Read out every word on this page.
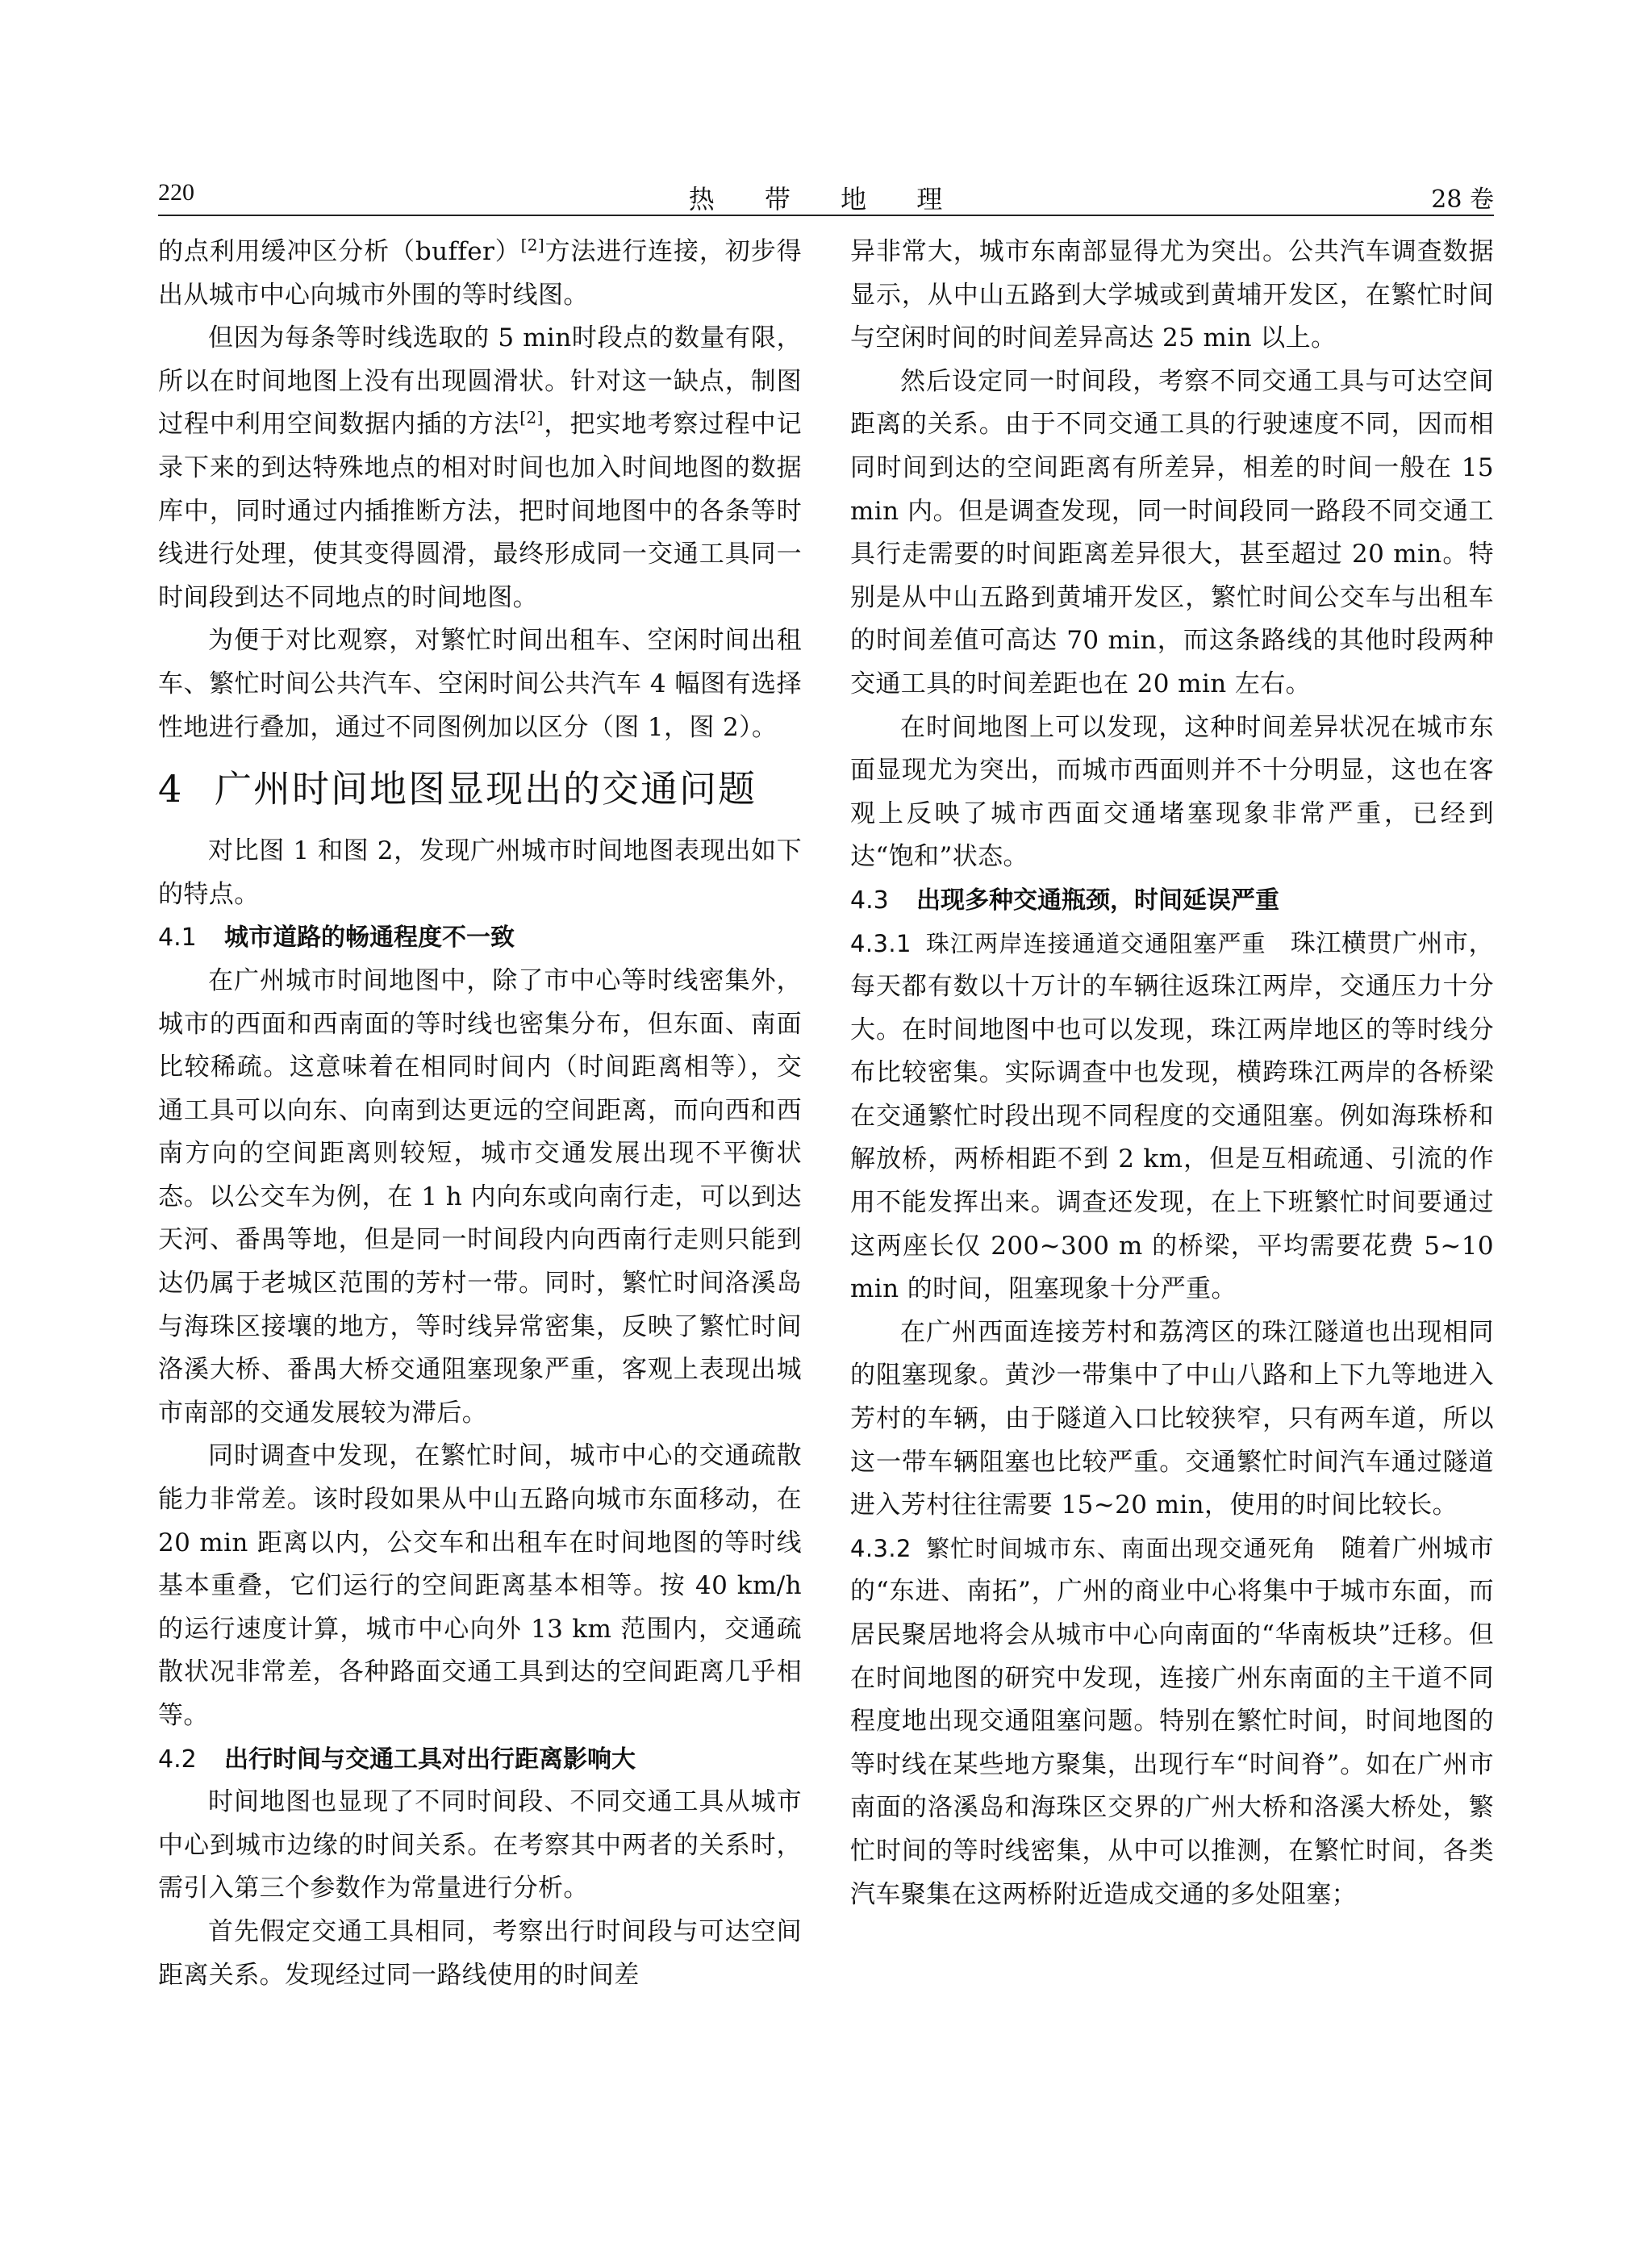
220	热 带 地 理	28 卷

的点利用缓冲区分析（buffer）[2]方法进行连接，初步得出从城市中心向城市外围的等时线图。

但因为每条等时线选取的 5 min时段点的数量有限，所以在时间地图上没有出现圆滑状。针对这一缺点，制图过程中利用空间数据内插的方法[2]，把实地考察过程中记录下来的到达特殊地点的相对时间也加入时间地图的数据库中，同时通过内插推断方法，把时间地图中的各条等时线进行处理，使其变得圆滑，最终形成同一交通工具同一时间段到达不同地点的时间地图。

为便于对比观察，对繁忙时间出租车、空闲时间出租车、繁忙时间公共汽车、空闲时间公共汽车 4 幅图有选择性地进行叠加，通过不同图例加以区分（图 1，图 2）。

4 广州时间地图显现出的交通问题

对比图 1 和图 2，发现广州城市时间地图表现出如下的特点。

4.1 城市道路的畅通程度不一致

在广州城市时间地图中，除了市中心等时线密集外，城市的西面和西南面的等时线也密集分布，但东面、南面比较稀疏。这意味着在相同时间内（时间距离相等），交通工具可以向东、向南到达更远的空间距离，而向西和西南方向的空间距离则较短，城市交通发展出现不平衡状态。以公交车为例，在 1 h 内向东或向南行走，可以到达天河、番禺等地，但是同一时间段内向西南行走则只能到达仍属于老城区范围的芳村一带。同时，繁忙时间洛溪岛与海珠区接壤的地方，等时线异常密集，反映了繁忙时间洛溪大桥、番禺大桥交通阻塞现象严重，客观上表现出城市南部的交通发展较为滞后。

同时调查中发现，在繁忙时间，城市中心的交通疏散能力非常差。该时段如果从中山五路向城市东面移动，在 20 min 距离以内，公交车和出租车在时间地图的等时线基本重叠，它们运行的空间距离基本相等。按 40 km/h 的运行速度计算，城市中心向外 13 km 范围内，交通疏散状况非常差，各种路面交通工具到达的空间距离几乎相等。

4.2 出行时间与交通工具对出行距离影响大

时间地图也显现了不同时间段、不同交通工具从城市中心到城市边缘的时间关系。在考察其中两者的关系时，需引入第三个参数作为常量进行分析。

首先假定交通工具相同，考察出行时间段与可达空间距离关系。发现经过同一路线使用的时间差

异非常大，城市东南部显得尤为突出。公共汽车调查数据显示，从中山五路到大学城或到黄埔开发区，在繁忙时间与空闲时间的时间差异高达 25 min 以上。

然后设定同一时间段，考察不同交通工具与可达空间距离的关系。由于不同交通工具的行驶速度不同，因而相同时间到达的空间距离有所差异，相差的时间一般在 15 min 内。但是调查发现，同一时间段同一路段不同交通工具行走需要的时间距离差异很大，甚至超过 20 min。特别是从中山五路到黄埔开发区，繁忙时间公交车与出租车的时间差值可高达 70 min，而这条路线的其他时段两种交通工具的时间差距也在 20 min 左右。

在时间地图上可以发现，这种时间差异状况在城市东面显现尤为突出，而城市西面则并不十分明显，这也在客观上反映了城市西面交通堵塞现象非常严重，已经到达“饱和”状态。

4.3 出现多种交通瓶颈，时间延误严重

4.3.1 珠江两岸连接通道交通阻塞严重 珠江横贯广州市，每天都有数以十万计的车辆往返珠江两岸，交通压力十分大。在时间地图中也可以发现，珠江两岸地区的等时线分布比较密集。实际调查中也发现，横跨珠江两岸的各桥梁在交通繁忙时段出现不同程度的交通阻塞。例如海珠桥和解放桥，两桥相距不到 2 km，但是互相疏通、引流的作用不能发挥出来。调查还发现，在上下班繁忙时间要通过这两座长仅 200~300 m 的桥梁，平均需要花费 5~10 min 的时间，阻塞现象十分严重。

在广州西面连接芳村和荔湾区的珠江隧道也出现相同的阻塞现象。黄沙一带集中了中山八路和上下九等地进入芳村的车辆，由于隧道入口比较狭窄，只有两车道，所以这一带车辆阻塞也比较严重。交通繁忙时间汽车通过隧道进入芳村往往需要 15~20 min，使用的时间比较长。

4.3.2 繁忙时间城市东、南面出现交通死角 随着广州城市的“东进、南拓”，广州的商业中心将集中于城市东面，而居民聚居地将会从城市中心向南面的“华南板块”迁移。但在时间地图的研究中发现，连接广州东南面的主干道不同程度地出现交通阻塞问题。特别在繁忙时间，时间地图的等时线在某些地方聚集，出现行车“时间脊”。如在广州市南面的洛溪岛和海珠区交界的广州大桥和洛溪大桥处，繁忙时间的等时线密集，从中可以推测，在繁忙时间，各类汽车聚集在这两桥附近造成交通的多处阻塞；
